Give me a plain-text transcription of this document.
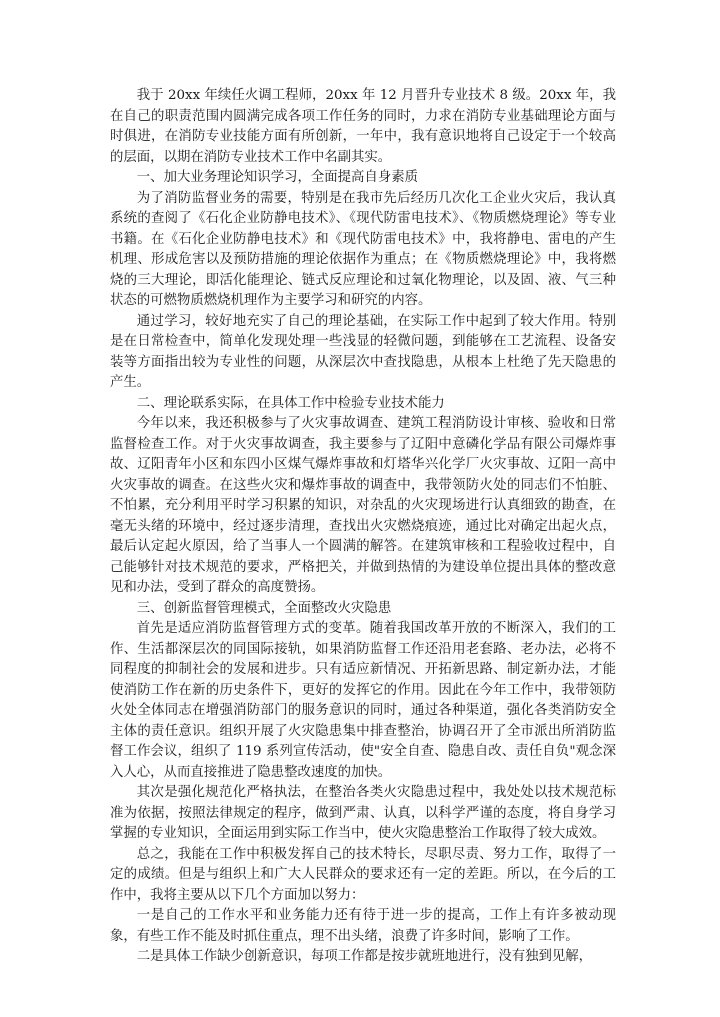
我于 20xx 年续任火调工程师，20xx 年 12 月晋升专业技术 8 级。20xx 年，我在自己的职责范围内圆满完成各项工作任务的同时，力求在消防专业基础理论方面与时俱进，在消防专业技能方面有所创新，一年中，我有意识地将自己设定于一个较高的层面，以期在消防专业技术工作中名副其实。

一、加大业务理论知识学习，全面提高自身素质

为了消防监督业务的需要，特别是在我市先后经历几次化工企业火灾后，我认真系统的查阅了《石化企业防静电技术》、《现代防雷电技术》、《物质燃烧理论》等专业书籍。在《石化企业防静电技术》和《现代防雷电技术》中，我将静电、雷电的产生机理、形成危害以及预防措施的理论依据作为重点；在《物质燃烧理论》中，我将燃烧的三大理论，即活化能理论、链式反应理论和过氧化物理论，以及固、液、气三种状态的可燃物质燃烧机理作为主要学习和研究的内容。

通过学习，较好地充实了自己的理论基础，在实际工作中起到了较大作用。特别是在日常检查中，简单化发现处理一些浅显的轻微问题，到能够在工艺流程、设备安装等方面指出较为专业性的问题，从深层次中查找隐患，从根本上杜绝了先天隐患的产生。

二、理论联系实际，在具体工作中检验专业技术能力

今年以来，我还积极参与了火灾事故调查、建筑工程消防设计审核、验收和日常监督检查工作。对于火灾事故调查，我主要参与了辽阳中意磷化学品有限公司爆炸事故、辽阳青年小区和东四小区煤气爆炸事故和灯塔华兴化学厂火灾事故、辽阳一高中火灾事故的调查。在这些火灾和爆炸事故的调查中，我带领防火处的同志们不怕脏、不怕累，充分利用平时学习积累的知识，对杂乱的火灾现场进行认真细致的勘查，在毫无头绪的环境中，经过逐步清理，查找出火灾燃烧痕迹，通过比对确定出起火点，最后认定起火原因，给了当事人一个圆满的解答。在建筑审核和工程验收过程中，自己能够针对技术规范的要求，严格把关，并做到热情的为建设单位提出具体的整改意见和办法，受到了群众的高度赞扬。

三、创新监督管理模式，全面整改火灾隐患

首先是适应消防监督管理方式的变革。随着我国改革开放的不断深入，我们的工作、生活都深层次的同国际接轨，如果消防监督工作还沿用老套路、老办法，必将不同程度的抑制社会的发展和进步。只有适应新情况、开拓新思路、制定新办法，才能使消防工作在新的历史条件下，更好的发挥它的作用。因此在今年工作中，我带领防火处全体同志在增强消防部门的服务意识的同时，通过各种渠道，强化各类消防安全主体的责任意识。组织开展了火灾隐患集中排查整治，协调召开了全市派出所消防监督工作会议，组织了 119 系列宣传活动，使"安全自查、隐患自改、责任自负"观念深入人心，从而直接推进了隐患整改速度的加快。

其次是强化规范化严格执法，在整治各类火灾隐患过程中，我处处以技术规范标准为依据，按照法律规定的程序，做到严肃、认真，以科学严谨的态度，将自身学习掌握的专业知识，全面运用到实际工作当中，使火灾隐患整治工作取得了较大成效。

总之，我能在工作中积极发挥自己的技术特长，尽职尽责、努力工作，取得了一定的成绩。但是与组织上和广大人民群众的要求还有一定的差距。所以，在今后的工作中，我将主要从以下几个方面加以努力：

一是自己的工作水平和业务能力还有待于进一步的提高，工作上有许多被动现象，有些工作不能及时抓住重点，理不出头绪，浪费了许多时间，影响了工作。

二是具体工作缺少创新意识，每项工作都是按步就班地进行，没有独到见解，
